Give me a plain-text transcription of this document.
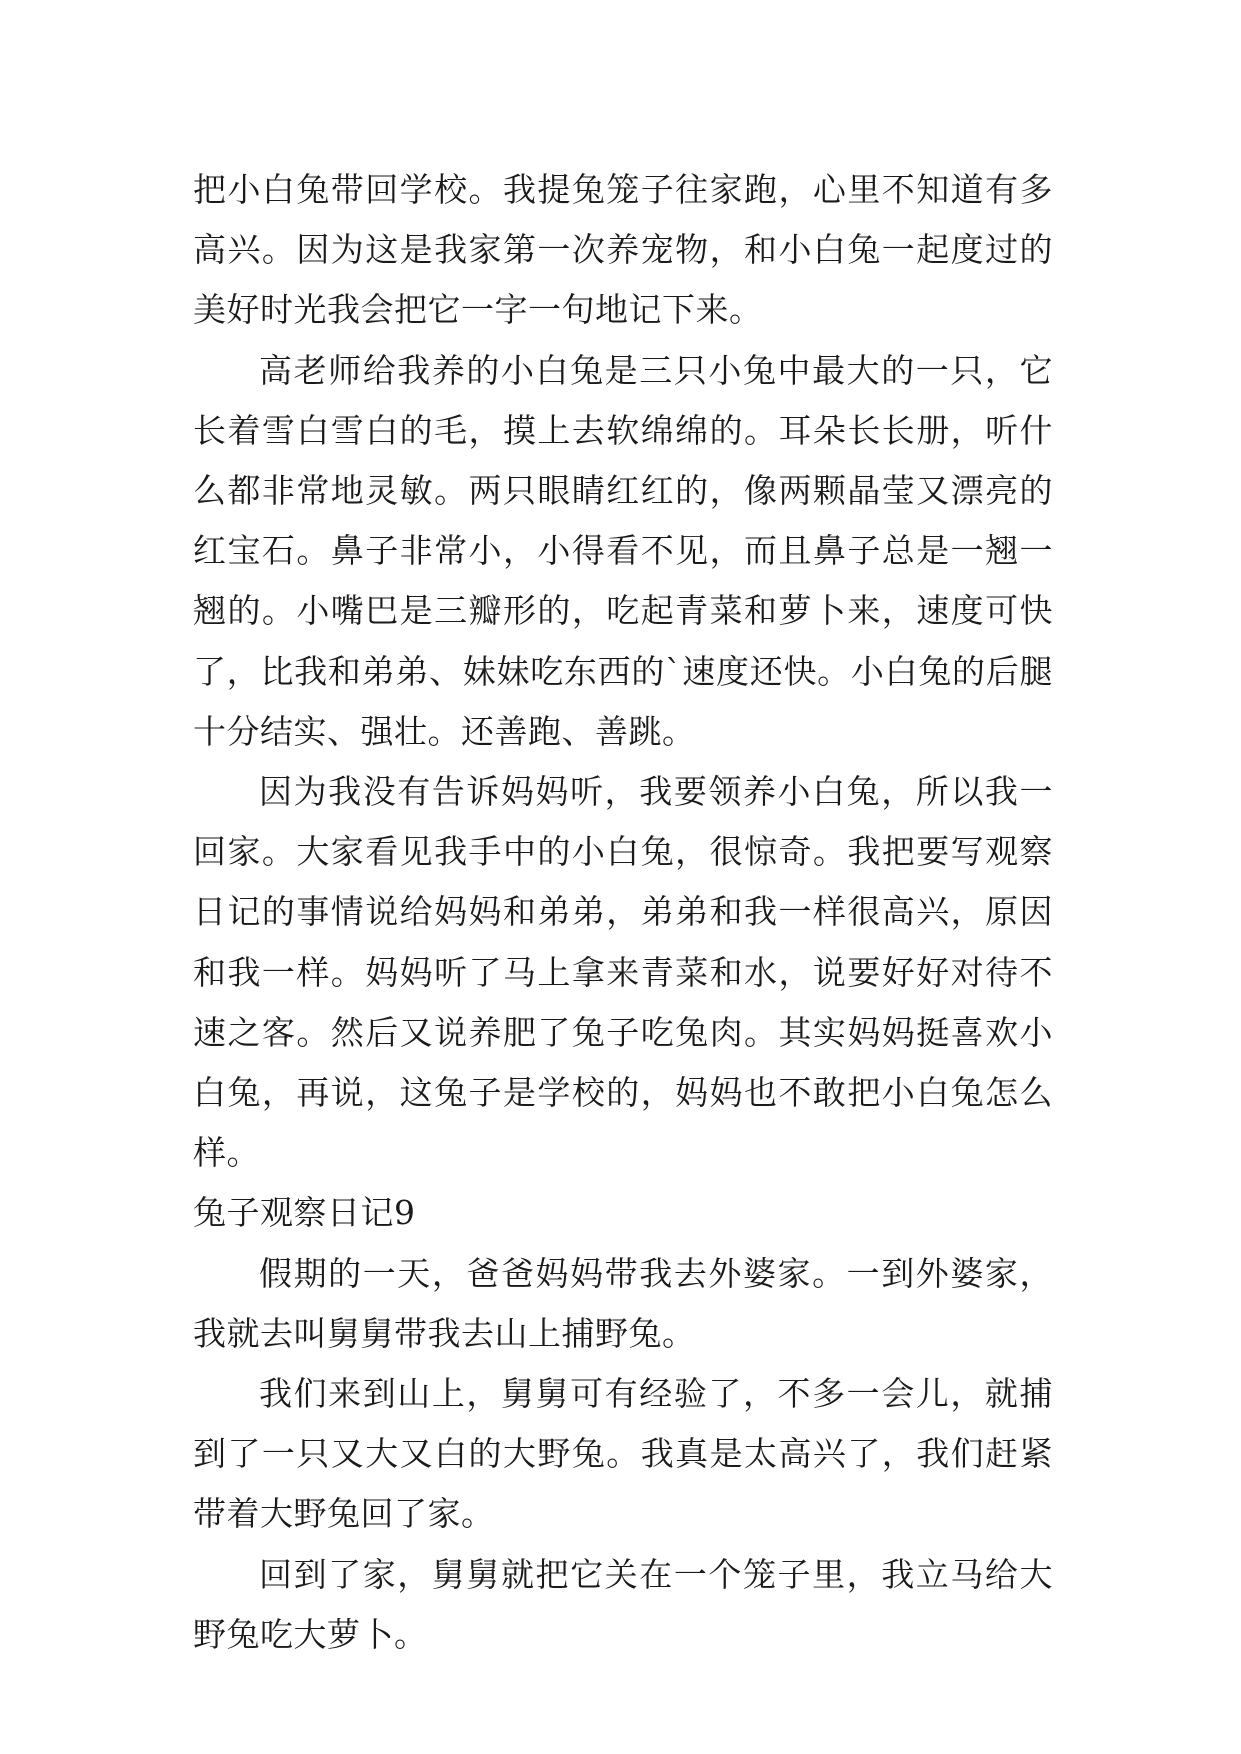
把小白兔带回学校。我提兔笼子往家跑，心里不知道有多高兴。因为这是我家第一次养宠物，和小白兔一起度过的美好时光我会把它一字一句地记下来。

高老师给我养的小白兔是三只小兔中最大的一只，它长着雪白雪白的毛，摸上去软绵绵的。耳朵长长册，听什么都非常地灵敏。两只眼睛红红的，像两颗晶莹又漂亮的红宝石。鼻子非常小，小得看不见，而且鼻子总是一翘一翘的。小嘴巴是三瓣形的，吃起青菜和萝卜来，速度可快了，比我和弟弟、妹妹吃东西的`速度还快。小白兔的后腿十分结实、强壮。还善跑、善跳。

因为我没有告诉妈妈听，我要领养小白兔，所以我一回家。大家看见我手中的小白兔，很惊奇。我把要写观察日记的事情说给妈妈和弟弟，弟弟和我一样很高兴，原因和我一样。妈妈听了马上拿来青菜和水，说要好好对待不速之客。然后又说养肥了兔子吃兔肉。其实妈妈挺喜欢小白兔，再说，这兔子是学校的，妈妈也不敢把小白兔怎么样。

兔子观察日记9

假期的一天，爸爸妈妈带我去外婆家。一到外婆家，我就去叫舅舅带我去山上捕野兔。

我们来到山上，舅舅可有经验了，不多一会儿，就捕到了一只又大又白的大野兔。我真是太高兴了，我们赶紧带着大野兔回了家。

回到了家，舅舅就把它关在一个笼子里，我立马给大野兔吃大萝卜。
